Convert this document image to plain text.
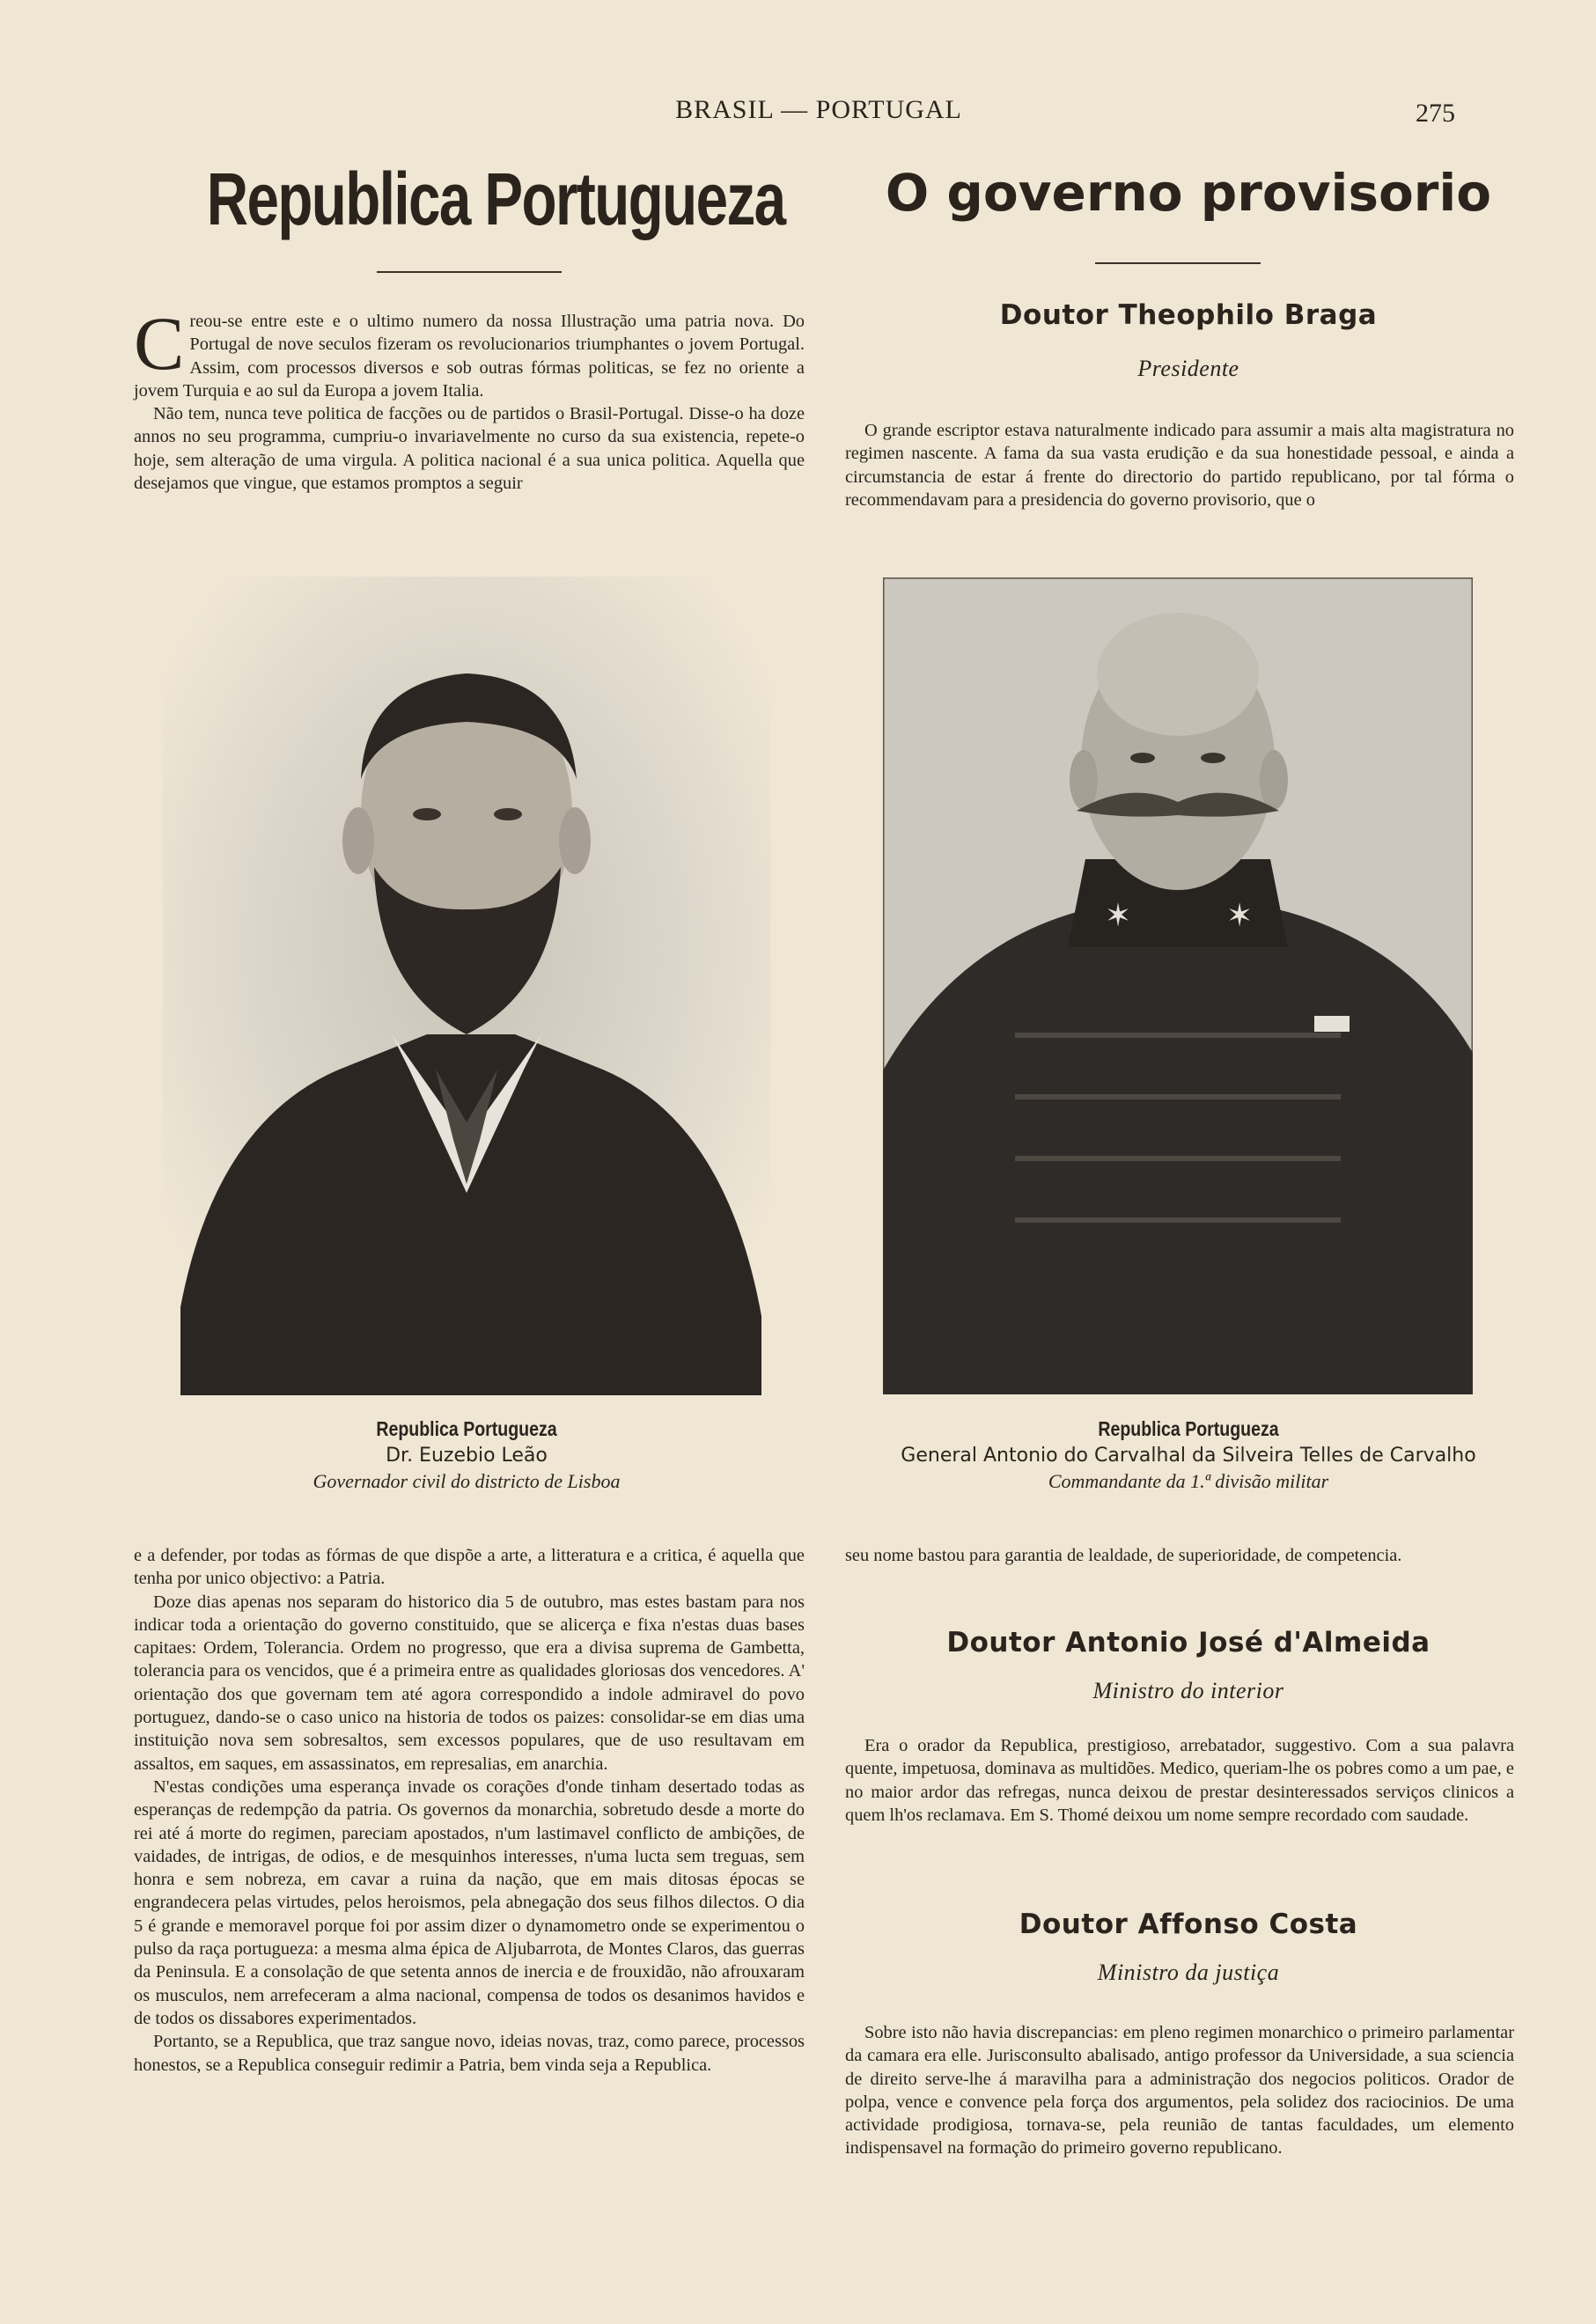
BRASIL — PORTUGAL	275
Republica Portugueza	O governo provisorio
C reou-se entre este e o ultimo numero da nossa Illustração uma patria nova. Do Portugal de nove seculos fizeram os revolucionarios triumphantes o jovem Portugal. Assim, com processos diversos e sob outras fórmas politicas, se fez no oriente a jovem Turquia e ao sul da Europa a jovem Italia.

Não tem, nunca teve politica de facções ou de partidos o Brasil-Portugal. Disse-o ha doze annos no seu programma, cumpriu-o invariavelmente no curso da sua existencia, repete-o hoje, sem alteração de uma virgula. A politica nacional é a sua unica politica. Aquella que desejamos que vingue, que estamos promptos a seguir

Doutor Theophilo Braga
Presidente

O grande escriptor estava naturalmente indicado para assumir a mais alta magistratura no regimen nascente. A fama da sua vasta erudição e da sua honestidade pessoal, e ainda a circumstancia de estar á frente do directorio do partido republicano, por tal fórma o recommendavam para a presidencia do governo provisorio, que o

✶	✶
Republica Portugueza
Dr. Euzebio Leão
Governador civil do districto de Lisboa
Republica Portugueza
General Antonio do Carvalhal da Silveira Telles de Carvalho
Commandante da 1.ª divisão militar

e a defender, por todas as fórmas de que dispõe a arte, a litteratura e a critica, é aquella que tenha por unico objectivo: a Patria.

Doze dias apenas nos separam do historico dia 5 de outubro, mas estes bastam para nos indicar toda a orientação do governo constituido, que se alicerça e fixa n'estas duas bases capitaes: Ordem, Tolerancia. Ordem no progresso, que era a divisa suprema de Gambetta, tolerancia para os vencidos, que é a primeira entre as qualidades gloriosas dos vencedores. A' orientação dos que governam tem até agora correspondido a indole admiravel do povo portuguez, dando-se o caso unico na historia de todos os paizes: consolidar-se em dias uma instituição nova sem sobresaltos, sem excessos populares, que de uso resultavam em assaltos, em saques, em assassinatos, em represalias, em anarchia.

N'estas condições uma esperança invade os corações d'onde tinham desertado todas as esperanças de redempção da patria. Os governos da monarchia, sobretudo desde a morte do rei até á morte do regimen, pareciam apostados, n'um lastimavel conflicto de ambições, de vaidades, de intrigas, de odios, e de mesquinhos interesses, n'uma lucta sem treguas, sem honra e sem nobreza, em cavar a ruina da nação, que em mais ditosas épocas se engrandecera pelas virtudes, pelos heroismos, pela abnegação dos seus filhos dilectos. O dia 5 é grande e memoravel porque foi por assim dizer o dynamometro onde se experimentou o pulso da raça portugueza: a mesma alma épica de Aljubarrota, de Montes Claros, das guerras da Peninsula. E a consolação de que setenta annos de inercia e de frouxidão, não afrouxaram os musculos, nem arrefeceram a alma nacional, compensa de todos os desanimos havidos e de todos os dissabores experimentados.

Portanto, se a Republica, que traz sangue novo, ideias novas, traz, como parece, processos honestos, se a Republica conseguir redimir a Patria, bem vinda seja a Republica.

seu nome bastou para garantia de lealdade, de superioridade, de competencia.

Doutor Antonio José d'Almeida
Ministro do interior

Era o orador da Republica, prestigioso, arrebatador, suggestivo. Com a sua palavra quente, impetuosa, dominava as multidões. Medico, queriam-lhe os pobres como a um pae, e no maior ardor das refregas, nunca deixou de prestar desinteressados serviços clinicos a quem lh'os reclamava. Em S. Thomé deixou um nome sempre recordado com saudade.

Doutor Affonso Costa
Ministro da justiça

Sobre isto não havia discrepancias: em pleno regimen monarchico o primeiro parlamentar da camara era elle. Jurisconsulto abalisado, antigo professor da Universidade, a sua sciencia de direito serve-lhe á maravilha para a administração dos negocios politicos. Orador de polpa, vence e convence pela força dos argumentos, pela solidez dos raciocinios. De uma actividade prodigiosa, tornava-se, pela reunião de tantas faculdades, um elemento indispensavel na formação do primeiro governo republicano.
